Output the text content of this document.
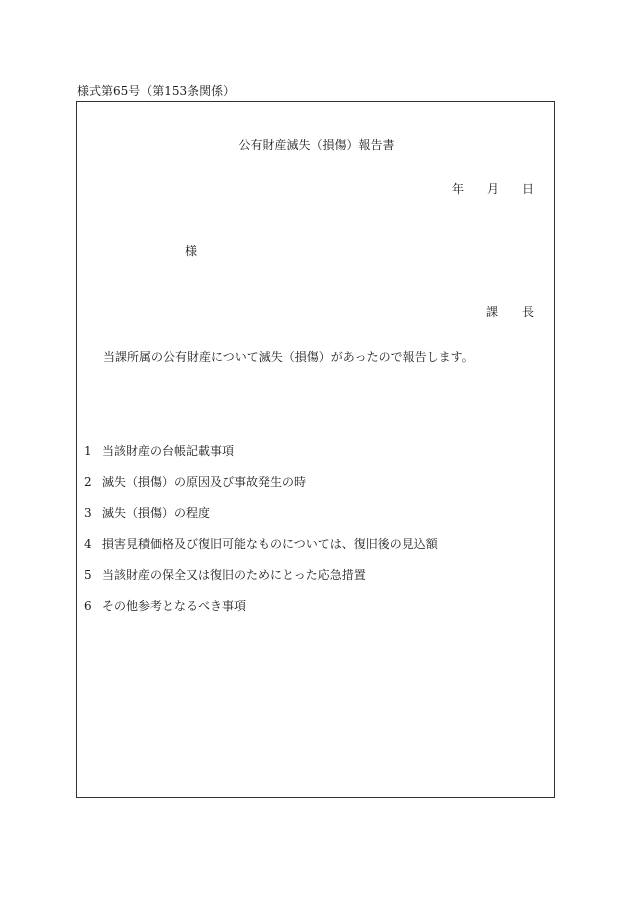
様式第65号（第153条関係）
公有財産滅失（損傷）報告書
年 月 日
様
課 長
当課所属の公有財産について滅失（損傷）があったので報告します。
1 当該財産の台帳記載事項
2 滅失（損傷）の原因及び事故発生の時
3 滅失（損傷）の程度
4 損害見積価格及び復旧可能なものについては、復旧後の見込額
5 当該財産の保全又は復旧のためにとった応急措置
6 その他参考となるべき事項
